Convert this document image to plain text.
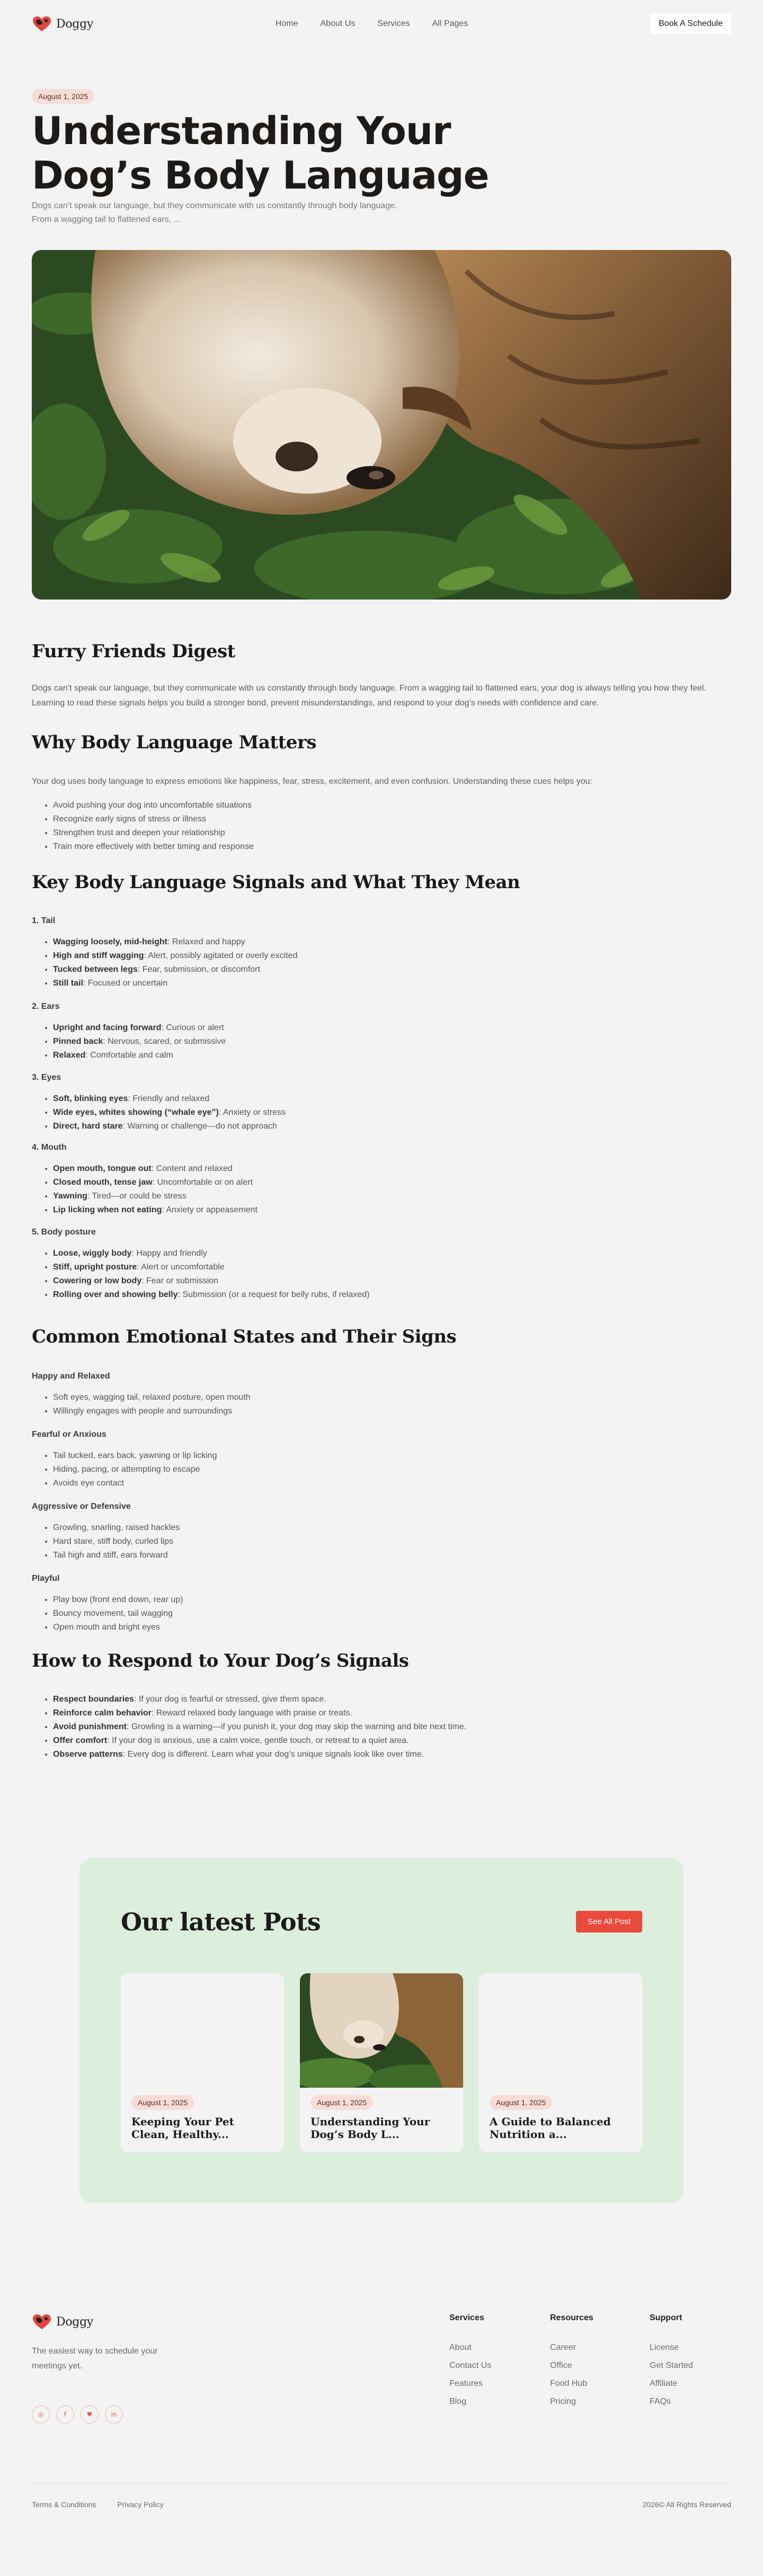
Doggy	Home	About Us	Services	All Pages	Book A Schedule
August 1, 2025
Understanding Your Dog’s Body Language

Dogs can’t speak our language, but they communicate with us constantly through body language. From a wagging tail to flattened ears, ...

Furry Friends Digest

Dogs can’t speak our language, but they communicate with us constantly through body language. From a wagging tail to flattened ears, your dog is always telling you how they feel. Learning to read these signals helps you build a stronger bond, prevent misunderstandings, and respond to your dog’s needs with confidence and care.

Why Body Language Matters

Your dog uses body language to express emotions like happiness, fear, stress, excitement, and even confusion. Understanding these cues helps you:

• Avoid pushing your dog into uncomfortable situations
• Recognize early signs of stress or illness
• Strengthen trust and deepen your relationship
• Train more effectively with better timing and response
Key Body Language Signals and What They Mean
1. Tail
• Wagging loosely, mid-height: Relaxed and happy
• High and stiff wagging: Alert, possibly agitated or overly excited
• Tucked between legs: Fear, submission, or discomfort
• Still tail: Focused or uncertain
2. Ears
• Upright and facing forward: Curious or alert
• Pinned back: Nervous, scared, or submissive
• Relaxed: Comfortable and calm
3. Eyes
• Soft, blinking eyes: Friendly and relaxed
• Wide eyes, whites showing (“whale eye”): Anxiety or stress
• Direct, hard stare: Warning or challenge—do not approach
4. Mouth
• Open mouth, tongue out: Content and relaxed
• Closed mouth, tense jaw: Uncomfortable or on alert
• Yawning: Tired—or could be stress
• Lip licking when not eating: Anxiety or appeasement
5. Body posture
• Loose, wiggly body: Happy and friendly
• Stiff, upright posture: Alert or uncomfortable
• Cowering or low body: Fear or submission
• Rolling over and showing belly: Submission (or a request for belly rubs, if relaxed)
Common Emotional States and Their Signs
Happy and Relaxed
• Soft eyes, wagging tail, relaxed posture, open mouth
• Willingly engages with people and surroundings
Fearful or Anxious
• Tail tucked, ears back, yawning or lip licking
• Hiding, pacing, or attempting to escape
• Avoids eye contact
Aggressive or Defensive
• Growling, snarling, raised hackles
• Hard stare, stiff body, curled lips
• Tail high and stiff, ears forward
Playful
• Play bow (front end down, rear up)
• Bouncy movement, tail wagging
• Open mouth and bright eyes
How to Respond to Your Dog’s Signals
• Respect boundaries: If your dog is fearful or stressed, give them space.
• Reinforce calm behavior: Reward relaxed body language with praise or treats.
• Avoid punishment: Growling is a warning—if you punish it, your dog may skip the warning and bite next time.
• Offer comfort: If your dog is anxious, use a calm voice, gentle touch, or retreat to a quiet area.
• Observe patterns: Every dog is different. Learn what your dog’s unique signals look like over time.
Our latest Pots	See All Post
August 1, 2025
Keeping Your Pet Clean, Healthy...
August 1, 2025
Understanding Your Dog’s Body L...
August 1, 2025
A Guide to Balanced Nutrition a...
Doggy

The easiest way to schedule your meetings yet.

◎	f	♥	in
Services
About
Contact Us
Features
Blog
Resources
Career
Office
Food Hub
Pricing
Support
License
Get Started
Affiliate
FAQs
Terms & Conditions	Privacy Policy	2026© All Rights Reserved
